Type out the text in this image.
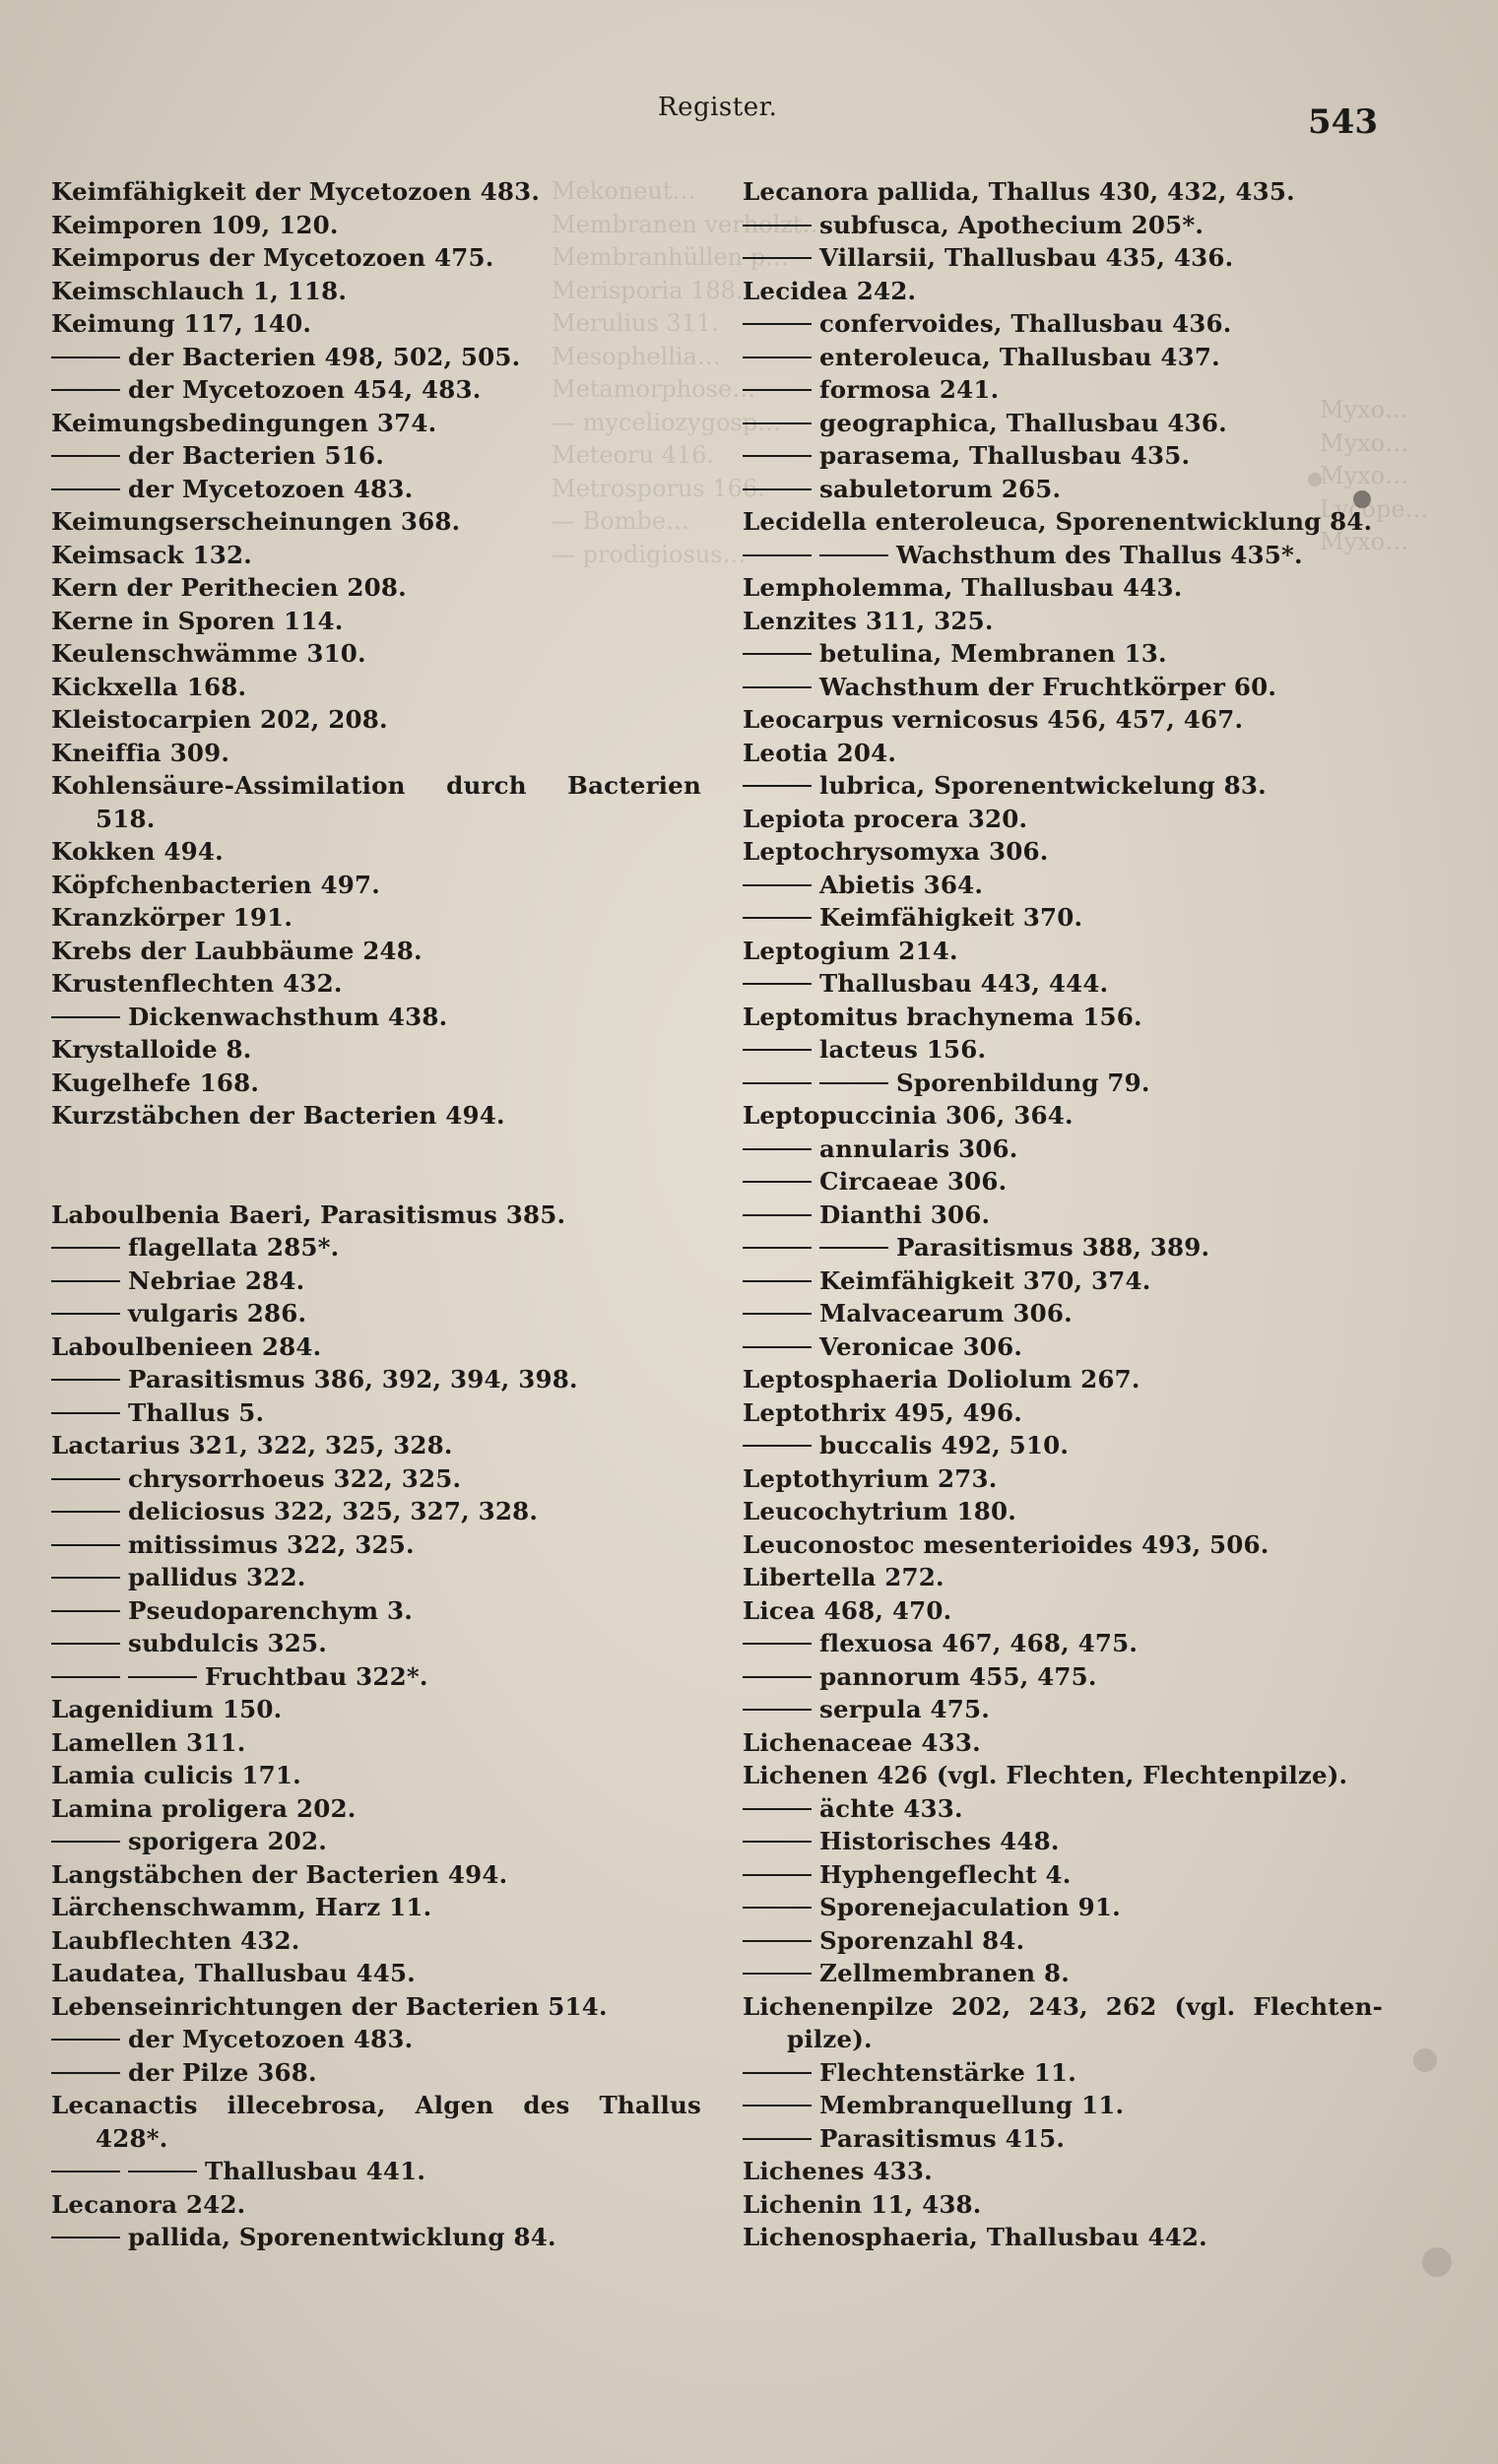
Mekoneut…
Membranen verholzt…
Membranhüllen p…
Merisporia 188.
Merulius 311.
Mesophellia…
Metamorphose…
— myceliozygosp…
Meteoru 416.
Metrosporus 166.
— Bombe…
— prodigiosus…
Myxo…
Myxo…
Myxo…
Lycope…
Myxo…
Register.	543
Keimfähigkeit der Mycetozoen 483.
Keimporen 109, 120.
Keimporus der Mycetozoen 475.
Keimschlauch 1, 118.
Keimung 117, 140.
der Bacterien 498, 502, 505.
der Mycetozoen 454, 483.
Keimungsbedingungen 374.
der Bacterien 516.
der Mycetozoen 483.
Keimungserscheinungen 368.
Keimsack 132.
Kern der Perithecien 208.
Kerne in Sporen 114.
Keulenschwämme 310.
Kickxella 168.
Kleistocarpien 202, 208.
Kneiffia 309.
Kohlensäure-Assimilation durch Bacterien
518.
Kokken 494.
Köpfchenbacterien 497.
Kranzkörper 191.
Krebs der Laubbäume 248.
Krustenflechten 432.
Dickenwachsthum 438.
Krystalloide 8.
Kugelhefe 168.
Kurzstäbchen der Bacterien 494.
Laboulbenia Baeri, Parasitismus 385.
flagellata 285*.
Nebriae 284.
vulgaris 286.
Laboulbenieen 284.
Parasitismus 386, 392, 394, 398.
Thallus 5.
Lactarius 321, 322, 325, 328.
chrysorrhoeus 322, 325.
deliciosus 322, 325, 327, 328.
mitissimus 322, 325.
pallidus 322.
Pseudoparenchym 3.
subdulcis 325.
Fruchtbau 322*.
Lagenidium 150.
Lamellen 311.
Lamia culicis 171.
Lamina proligera 202.
sporigera 202.
Langstäbchen der Bacterien 494.
Lärchenschwamm, Harz 11.
Laubflechten 432.
Laudatea, Thallusbau 445.
Lebenseinrichtungen der Bacterien 514.
der Mycetozoen 483.
der Pilze 368.
Lecanactis illecebrosa, Algen des Thallus
428*.
Thallusbau 441.
Lecanora 242.
pallida, Sporenentwicklung 84.
Lecanora pallida, Thallus 430, 432, 435.
subfusca, Apothecium 205*.
Villarsii, Thallusbau 435, 436.
Lecidea 242.
confervoides, Thallusbau 436.
enteroleuca, Thallusbau 437.
formosa 241.
geographica, Thallusbau 436.
parasema, Thallusbau 435.
sabuletorum 265.
Lecidella enteroleuca, Sporenentwicklung 84.
Wachsthum des Thallus 435*.
Lempholemma, Thallusbau 443.
Lenzites 311, 325.
betulina, Membranen 13.
Wachsthum der Fruchtkörper 60.
Leocarpus vernicosus 456, 457, 467.
Leotia 204.
lubrica, Sporenentwickelung 83.
Lepiota procera 320.
Leptochrysomyxa 306.
Abietis 364.
Keimfähigkeit 370.
Leptogium 214.
Thallusbau 443, 444.
Leptomitus brachynema 156.
lacteus 156.
Sporenbildung 79.
Leptopuccinia 306, 364.
annularis 306.
Circaeae 306.
Dianthi 306.
Parasitismus 388, 389.
Keimfähigkeit 370, 374.
Malvacearum 306.
Veronicae 306.
Leptosphaeria Doliolum 267.
Leptothrix 495, 496.
buccalis 492, 510.
Leptothyrium 273.
Leucochytrium 180.
Leuconostoc mesenterioides 493, 506.
Libertella 272.
Licea 468, 470.
flexuosa 467, 468, 475.
pannorum 455, 475.
serpula 475.
Lichenaceae 433.
Lichenen 426 (vgl. Flechten, Flechtenpilze).
ächte 433.
Historisches 448.
Hyphengeflecht 4.
Sporenejaculation 91.
Sporenzahl 84.
Zellmembranen 8.
Lichenenpilze 202, 243, 262 (vgl. Flechten-
pilze).
Flechtenstärke 11.
Membranquellung 11.
Parasitismus 415.
Lichenes 433.
Lichenin 11, 438.
Lichenosphaeria, Thallusbau 442.
